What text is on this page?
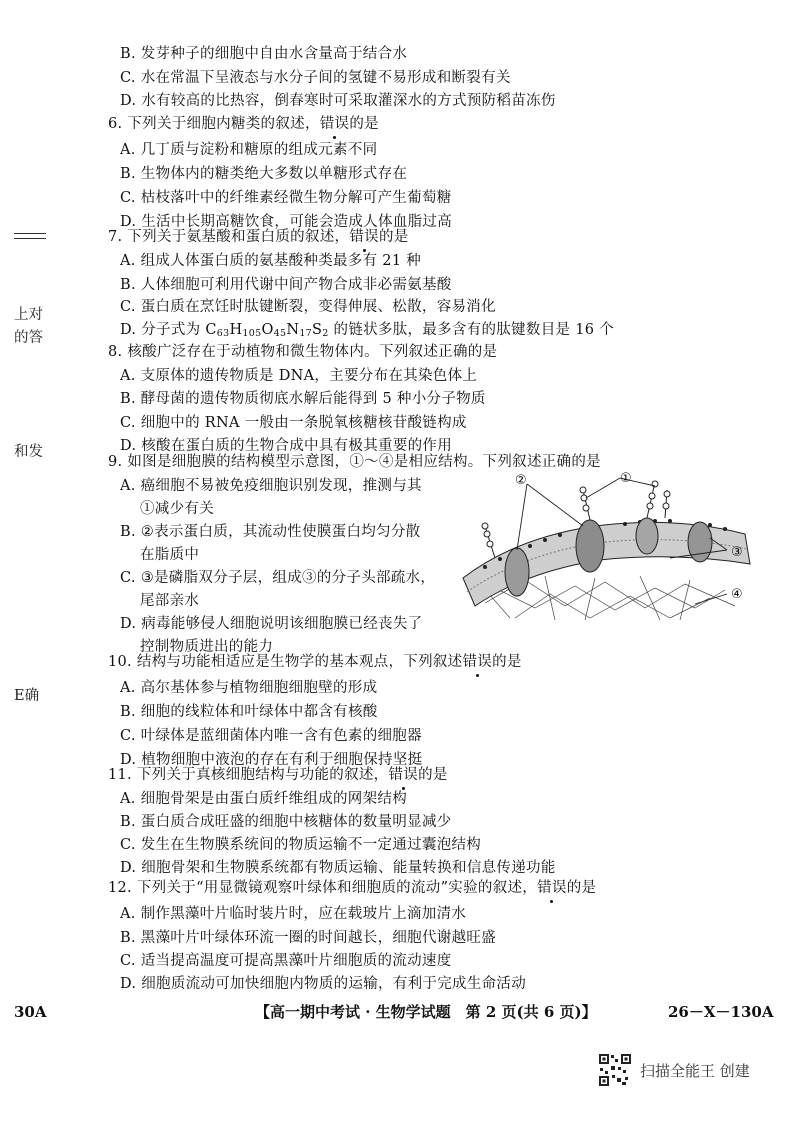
上对
的答
和发
E确
B. 发芽种子的细胞中自由水含量高于结合水
C. 水在常温下呈液态与水分子间的氢键不易形成和断裂有关
D. 水有较高的比热容，倒春寒时可采取灌深水的方式预防稻苗冻伤
6. 下列关于细胞内糖类的叙述，错误的是
A. 几丁质与淀粉和糖原的组成元素不同
B. 生物体内的糖类绝大多数以单糖形式存在
C. 枯枝落叶中的纤维素经微生物分解可产生葡萄糖
D. 生活中长期高糖饮食，可能会造成人体血脂过高
7. 下列关于氨基酸和蛋白质的叙述，错误的是
A. 组成人体蛋白质的氨基酸种类最多有 21 种
B. 人体细胞可利用代谢中间产物合成非必需氨基酸
C. 蛋白质在烹饪时肽键断裂，变得伸展、松散，容易消化
D. 分子式为 $C_{63}H_{105}O_{45}N_{17}S_2$ 的链状多肽，最多含有的肽键数目是 16 个
8. 核酸广泛存在于动植物和微生物体内。下列叙述正确的是
A. 支原体的遗传物质是 DNA，主要分布在其染色体上
B. 酵母菌的遗传物质彻底水解后能得到 5 种小分子物质
C. 细胞中的 RNA 一般由一条脱氧核糖核苷酸链构成
D. 核酸在蛋白质的生物合成中具有极其重要的作用
9. 如图是细胞膜的结构模型示意图，①～④是相应结构。下列叙述正确的是
A. 癌细胞不易被免疫细胞识别发现，推测与其
①减少有关
B. ②表示蛋白质，其流动性使膜蛋白均匀分散
在脂质中
C. ③是磷脂双分子层，组成③的分子头部疏水，
尾部亲水
D. 病毒能够侵人细胞说明该细胞膜已经丧失了
控制物质进出的能力
②	①
③
④
10. 结构与功能相适应是生物学的基本观点，下列叙述错误的是
A. 高尔基体参与植物细胞细胞壁的形成
B. 细胞的线粒体和叶绿体中都含有核酸
C. 叶绿体是蓝细菌体内唯一含有色素的细胞器
D. 植物细胞中液泡的存在有利于细胞保持坚挺
11. 下列关于真核细胞结构与功能的叙述，错误的是
A. 细胞骨架是由蛋白质纤维组成的网架结构
B. 蛋白质合成旺盛的细胞中核糖体的数量明显减少
C. 发生在生物膜系统间的物质运输不一定通过囊泡结构
D. 细胞骨架和生物膜系统都有物质运输、能量转换和信息传递功能
12. 下列关于“用显微镜观察叶绿体和细胞质的流动”实验的叙述，错误的是
A. 制作黑藻叶片临时装片时，应在载玻片上滴加清水
B. 黑藻叶片叶绿体环流一圈的时间越长，细胞代谢越旺盛
C. 适当提高温度可提高黑藻叶片细胞质的流动速度
D. 细胞质流动可加快细胞内物质的运输，有利于完成生命活动
30A	【高一期中考试 · 生物学试题　第 2 页(共 6 页)】	26－X－130A
扫描全能王 创建
